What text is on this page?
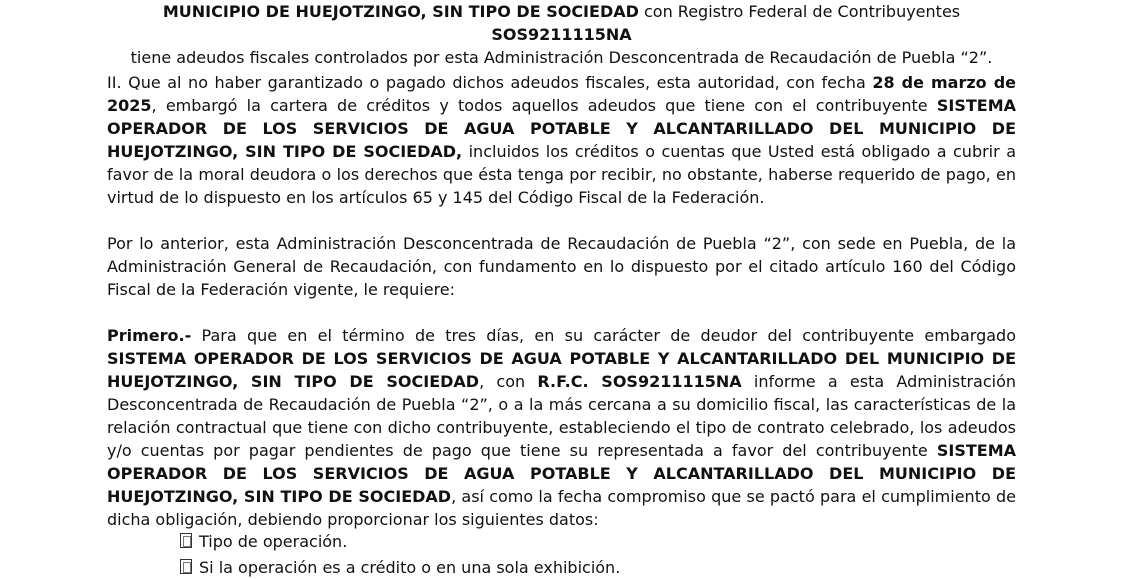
MUNICIPIO DE HUEJOTZINGO, SIN TIPO DE SOCIEDAD con Registro Federal de Contribuyentes SOS9211115NA
tiene adeudos fiscales controlados por esta Administración Desconcentrada de Recaudación de Puebla “2”.

II. Que al no haber garantizado o pagado dichos adeudos fiscales, esta autoridad, con fecha 28 de marzo de 2025, embargó la cartera de créditos y todos aquellos adeudos que tiene con el contribuyente SISTEMA OPERADOR DE LOS SERVICIOS DE AGUA POTABLE Y ALCANTARILLADO DEL MUNICIPIO DE HUEJOTZINGO, SIN TIPO DE SOCIEDAD, incluidos los créditos o cuentas que Usted está obligado a cubrir a favor de la moral deudora o los derechos que ésta tenga por recibir, no obstante, haberse requerido de pago, en virtud de lo dispuesto en los artículos 65 y 145 del Código Fiscal de la Federación.

Por lo anterior, esta Administración Desconcentrada de Recaudación de Puebla “2”, con sede en Puebla, de la Administración General de Recaudación, con fundamento en lo dispuesto por el citado artículo 160 del Código Fiscal de la Federación vigente, le requiere:

Primero.- Para que en el término de tres días, en su carácter de deudor del contribuyente embargado SISTEMA OPERADOR DE LOS SERVICIOS DE AGUA POTABLE Y ALCANTARILLADO DEL MUNICIPIO DE HUEJOTZINGO, SIN TIPO DE SOCIEDAD, con R.F.C. SOS9211115NA informe a esta Administración Desconcentrada de Recaudación de Puebla “2”, o a la más cercana a su domicilio fiscal, las características de la relación contractual que tiene con dicho contribuyente, estableciendo el tipo de contrato celebrado, los adeudos y/o cuentas por pagar pendientes de pago que tiene su representada a favor del contribuyente SISTEMA OPERADOR DE LOS SERVICIOS DE AGUA POTABLE Y ALCANTARILLADO DEL MUNICIPIO DE HUEJOTZINGO, SIN TIPO DE SOCIEDAD, así como la fecha compromiso que se pactó para el cumplimiento de dicha obligación, debiendo proporcionar los siguientes datos:

Tipo de operación.

Si la operación es a crédito o en una sola exhibición.
